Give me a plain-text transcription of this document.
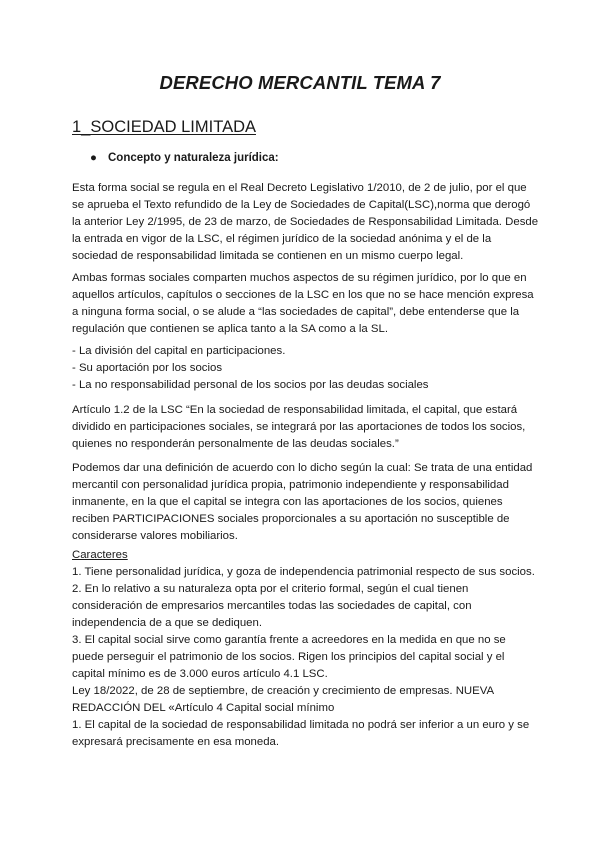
DERECHO MERCANTIL TEMA 7
1_SOCIEDAD LIMITADA

● Concepto y naturaleza jurídica:

Esta forma social se regula en el Real Decreto Legislativo 1/2010, de 2 de julio, por el que
se aprueba el Texto refundido de la Ley de Sociedades de Capital(LSC),norma que derogó
la anterior Ley 2/1995, de 23 de marzo, de Sociedades de Responsabilidad Limitada. Desde
la entrada en vigor de la LSC, el régimen jurídico de la sociedad anónima y el de la
sociedad de responsabilidad limitada se contienen en un mismo cuerpo legal.

Ambas formas sociales comparten muchos aspectos de su régimen jurídico, por lo que en
aquellos artículos, capítulos o secciones de la LSC en los que no se hace mención expresa
a ninguna forma social, o se alude a “las sociedades de capital”, debe entenderse que la
regulación que contienen se aplica tanto a la SA como a la SL.

- La división del capital en participaciones.
- Su aportación por los socios
- La no responsabilidad personal de los socios por las deudas sociales

Artículo 1.2 de la LSC “En la sociedad de responsabilidad limitada, el capital, que estará
dividido en participaciones sociales, se integrará por las aportaciones de todos los socios,
quienes no responderán personalmente de las deudas sociales.”

Podemos dar una definición de acuerdo con lo dicho según la cual: Se trata de una entidad
mercantil con personalidad jurídica propia, patrimonio independiente y responsabilidad
inmanente, en la que el capital se integra con las aportaciones de los socios, quienes
reciben PARTICIPACIONES sociales proporcionales a su aportación no susceptible de
considerarse valores mobiliarios.

Caracteres
1. Tiene personalidad jurídica, y goza de independencia patrimonial respecto de sus socios.
2. En lo relativo a su naturaleza opta por el criterio formal, según el cual tienen
consideración de empresarios mercantiles todas las sociedades de capital, con
independencia de a que se dediquen.
3. El capital social sirve como garantía frente a acreedores en la medida en que no se
puede perseguir el patrimonio de los socios. Rigen los principios del capital social y el
capital mínimo es de 3.000 euros artículo 4.1 LSC.

Ley 18/2022, de 28 de septiembre, de creación y crecimiento de empresas. NUEVA
REDACCIÓN DEL «Artículo 4 Capital social mínimo
1. El capital de la sociedad de responsabilidad limitada no podrá ser inferior a un euro y se
expresará precisamente en esa moneda.
